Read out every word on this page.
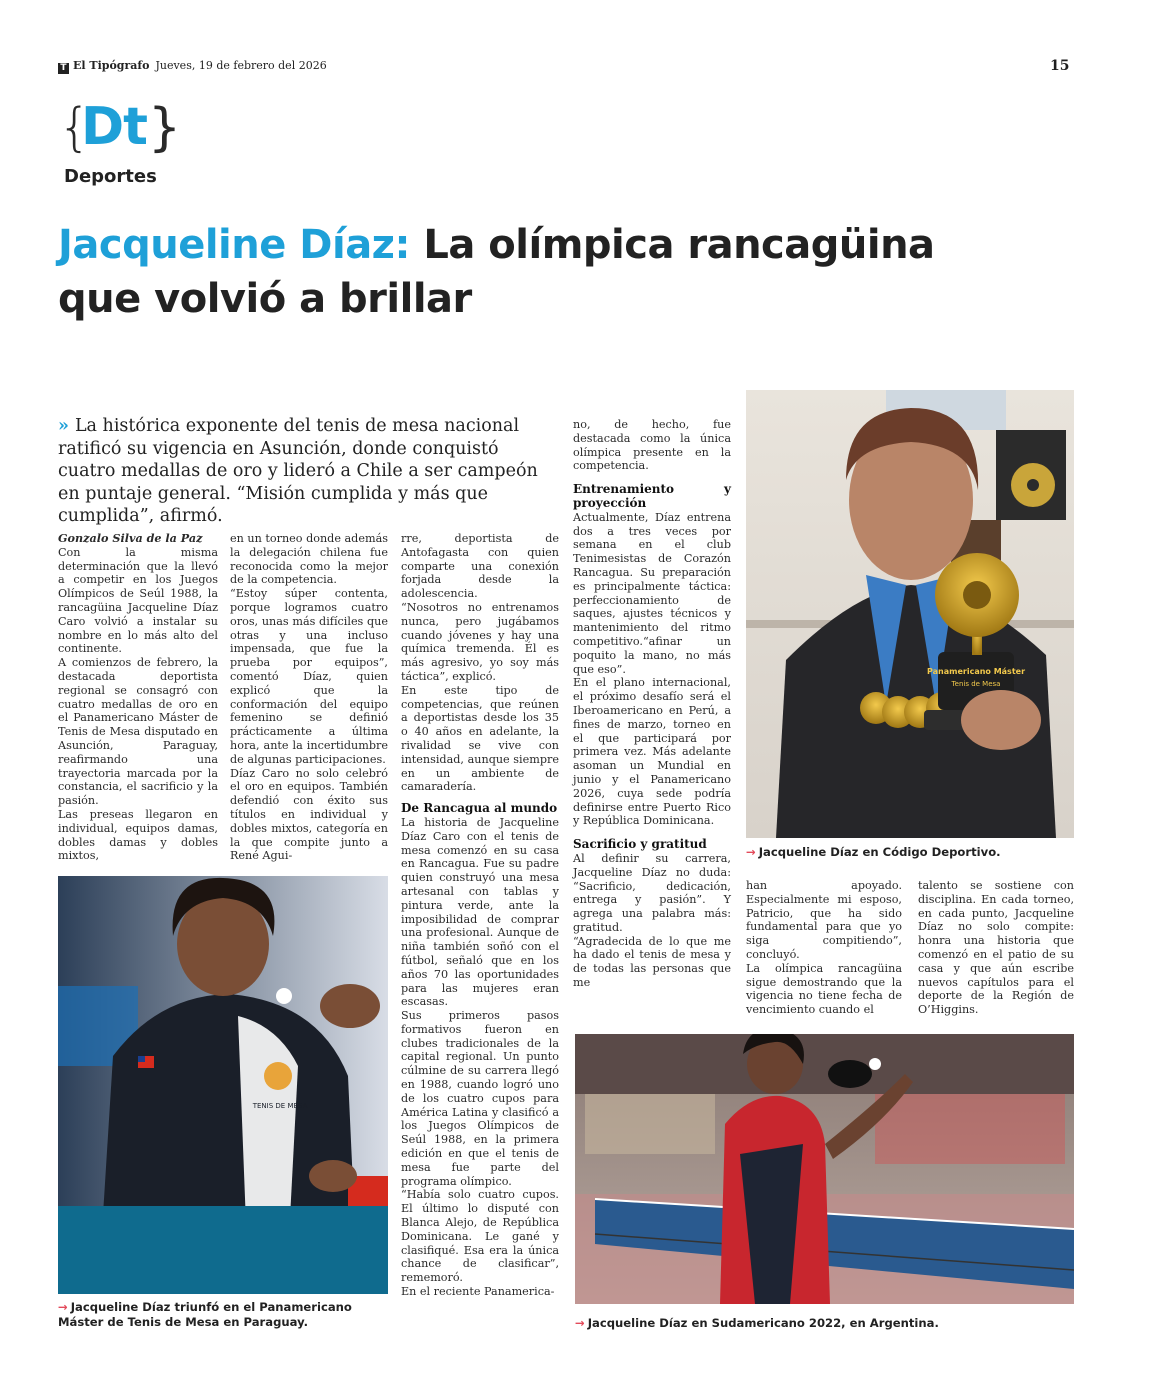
T El Tipógrafo Jueves, 19 de febrero del 2026	15
{
Dt }
Deportes
Jacqueline Díaz: La olímpica rancagüina
que volvió a brillar
» La histórica exponente del tenis de mesa nacional ratificó su vigencia en Asunción, donde conquistó cuatro medallas de oro y lideró a Chile a ser campeón en puntaje general. “Misión cumplida y más que cumplida”, afirmó.

Gonzalo Silva de la Paz

Con la misma determinación que la llevó a competir en los Juegos Olímpicos de Seúl 1988, la rancagüina Jacqueline Díaz Caro volvió a instalar su nombre en lo más alto del continente.

A comienzos de febrero, la destacada deportista regional se consagró con cuatro medallas de oro en el Panamericano Máster de Tenis de Mesa disputado en Asunción, Paraguay, reafirmando una trayectoria marcada por la constancia, el sacrificio y la pasión.

Las preseas llegaron en individual, equipos damas, dobles damas y dobles mixtos,

en un torneo donde además la delegación chilena fue reconocida como la mejor de la competencia.

“Estoy súper contenta, porque logramos cuatro oros, unas más difíciles que otras y una incluso impensada, que fue la prueba por equipos”, comentó Díaz, quien explicó que la conformación del equipo femenino se definió prácticamente a última hora, ante la incertidumbre de algunas participaciones.

Díaz Caro no solo celebró el oro en equipos. También defendió con éxito sus títulos en individual y dobles mixtos, categoría en la que compite junto a René Agui-

rre, deportista de Antofagasta con quien comparte una conexión forjada desde la adolescencia.

“Nosotros no entrenamos nunca, pero jugábamos cuando jóvenes y hay una química tremenda. Él es más agresivo, yo soy más táctica”, explicó.

En este tipo de competencias, que reúnen a deportistas desde los 35 o 40 años en adelante, la rivalidad se vive con intensidad, aunque siempre en un ambiente de camaradería.

De Rancagua al mundo

La historia de Jacqueline Díaz Caro con el tenis de mesa comenzó en su casa en Rancagua. Fue su padre quien construyó una mesa artesanal con tablas y pintura verde, ante la imposibilidad de comprar una profesional. Aunque de niña también soñó con el fútbol, señaló que en los años 70 las oportunidades para las mujeres eran escasas.

Sus primeros pasos formativos fueron en clubes tradicionales de la capital regional. Un punto cúlmine de su carrera llegó en 1988, cuando logró uno de los cuatro cupos para América Latina y clasificó a los Juegos Olímpicos de Seúl 1988, en la primera edición en que el tenis de mesa fue parte del programa olímpico.

“Había solo cuatro cupos. El último lo disputé con Blanca Alejo, de República Dominicana. Le gané y clasifiqué. Esa era la única chance de clasificar”, rememoró.

En el reciente Panamerica-

no, de hecho, fue destacada como la única olímpica presente en la competencia.

Entrenamiento y proyección

Actualmente, Díaz entrena dos a tres veces por semana en el club Tenimesistas de Corazón Rancagua. Su preparación es principalmente táctica: perfeccionamiento de saques, ajustes técnicos y mantenimiento del ritmo competitivo.“afinar un poquito la mano, no más que eso”.

En el plano internacional, el próximo desafío será el Iberoamericano en Perú, a fines de marzo, torneo en el que participará por primera vez. Más adelante asoman un Mundial en junio y el Panamericano 2026, cuya sede podría definirse entre Puerto Rico y República Dominicana.

Sacrificio y gratitud

Al definir su carrera, Jacqueline Díaz no duda: “Sacrificio, dedicación, entrega y pasión”. Y agrega una palabra más: gratitud.

“Agradecida de lo que me ha dado el tenis de mesa y de todas las personas que me

han apoyado. Especialmente mi esposo, Patricio, que ha sido fundamental para que yo siga compitiendo”, concluyó.

La olímpica rancagüina sigue demostrando que la vigencia no tiene fecha de vencimiento cuando el

talento se sostiene con disciplina. En cada torneo, en cada punto, Jacqueline Díaz no solo compite: honra una historia que comenzó en el patio de su casa y que aún escribe nuevos capítulos para el deporte de la Región de O’Higgins.

Panamericano Máster
Tenis de Mesa
→ Jacqueline Díaz en Código Deportivo.
TENIS DE MESA
→ Jacqueline Díaz triunfó en el Panamericano Máster de Tenis de Mesa en Paraguay.	→ Jacqueline Díaz en Sudamericano 2022, en Argentina.
